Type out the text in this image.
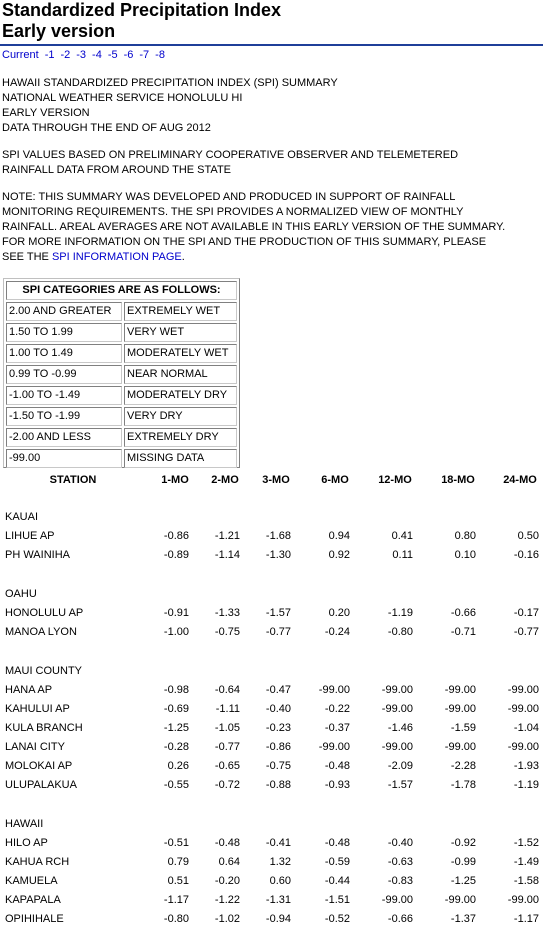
Standardized Precipitation Index
Early version
Current -1 -2 -3 -4 -5 -6 -7 -8
HAWAII STANDARDIZED PRECIPITATION INDEX (SPI) SUMMARY
NATIONAL WEATHER SERVICE HONOLULU HI
EARLY VERSION
DATA THROUGH THE END OF AUG 2012
SPI VALUES BASED ON PRELIMINARY COOPERATIVE OBSERVER AND TELEMETERED
RAINFALL DATA FROM AROUND THE STATE
NOTE: THIS SUMMARY WAS DEVELOPED AND PRODUCED IN SUPPORT OF RAINFALL
MONITORING REQUIREMENTS. THE SPI PROVIDES A NORMALIZED VIEW OF MONTHLY
RAINFALL. AREAL AVERAGES ARE NOT AVAILABLE IN THIS EARLY VERSION OF THE SUMMARY.
FOR MORE INFORMATION ON THE SPI AND THE PRODUCTION OF THIS SUMMARY, PLEASE
SEE THE SPI INFORMATION PAGE.
SPI CATEGORIES ARE AS FOLLOWS:
2.00 AND GREATER	EXTREMELY WET
1.50 TO 1.99	VERY WET
1.00 TO 1.49	MODERATELY WET
0.99 TO -0.99	NEAR NORMAL
-1.00 TO -1.49	MODERATELY DRY
-1.50 TO -1.99	VERY DRY
-2.00 AND LESS	EXTREMELY DRY
-99.00	MISSING DATA
STATION	1-MO	2-MO	3-MO	6-MO	12-MO	18-MO	24-MO
KAUAI
LIHUE AP	-0.86	-1.21	-1.68	0.94	0.41	0.80	0.50
PH WAINIHA	-0.89	-1.14	-1.30	0.92	0.11	0.10	-0.16
OAHU
HONOLULU AP	-0.91	-1.33	-1.57	0.20	-1.19	-0.66	-0.17
MANOA LYON	-1.00	-0.75	-0.77	-0.24	-0.80	-0.71	-0.77
MAUI COUNTY
HANA AP	-0.98	-0.64	-0.47	-99.00	-99.00	-99.00	-99.00
KAHULUI AP	-0.69	-1.11	-0.40	-0.22	-99.00	-99.00	-99.00
KULA BRANCH	-1.25	-1.05	-0.23	-0.37	-1.46	-1.59	-1.04
LANAI CITY	-0.28	-0.77	-0.86	-99.00	-99.00	-99.00	-99.00
MOLOKAI AP	0.26	-0.65	-0.75	-0.48	-2.09	-2.28	-1.93
ULUPALAKUA	-0.55	-0.72	-0.88	-0.93	-1.57	-1.78	-1.19
HAWAII
HILO AP	-0.51	-0.48	-0.41	-0.48	-0.40	-0.92	-1.52
KAHUA RCH	0.79	0.64	1.32	-0.59	-0.63	-0.99	-1.49
KAMUELA	0.51	-0.20	0.60	-0.44	-0.83	-1.25	-1.58
KAPAPALA	-1.17	-1.22	-1.31	-1.51	-99.00	-99.00	-99.00
OPIHIHALE	-0.80	-1.02	-0.94	-0.52	-0.66	-1.37	-1.17
